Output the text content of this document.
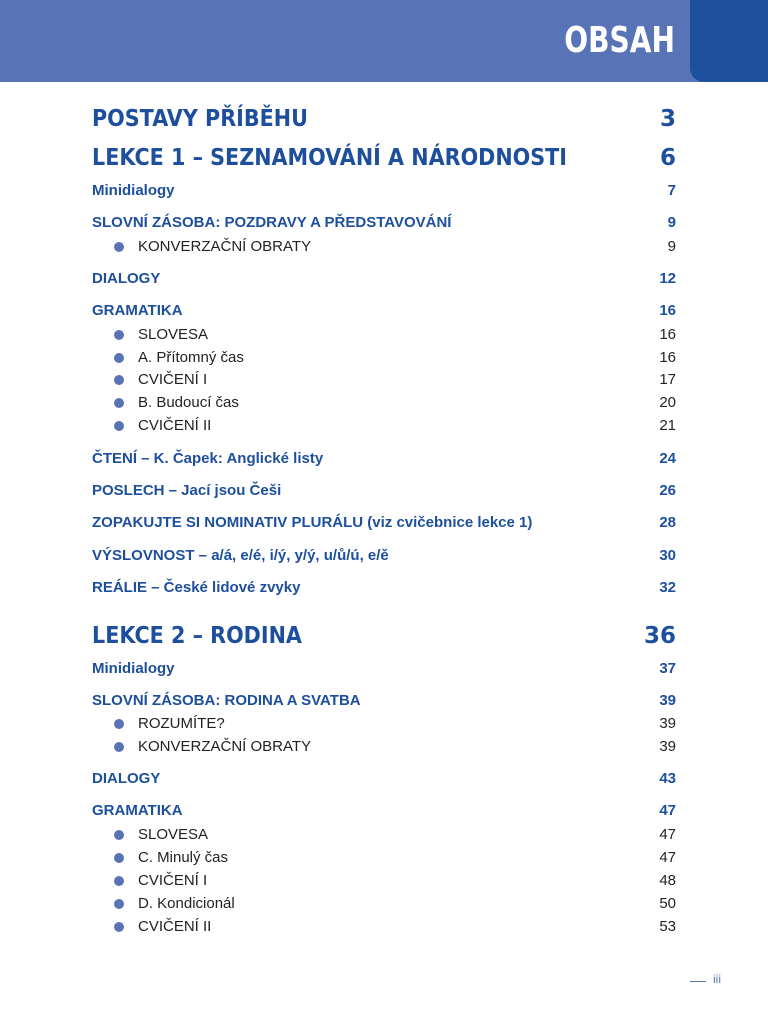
OBSAH
POSTAVY PŘÍBĚHU	3
LEKCE 1 – SEZNAMOVÁNÍ A NÁRODNOSTI	6
Minidialogy	7
SLOVNÍ ZÁSOBA: POZDRAVY A PŘEDSTAVOVÁNÍ	9
KONVERZAČNÍ OBRATY	9
DIALOGY	12
GRAMATIKA	16
SLOVESA	16
A. Přítomný čas	16
CVIČENÍ I	17
B. Budoucí čas	20
CVIČENÍ II	21
ČTENÍ – K. Čapek: Anglické listy	24
POSLECH – Jací jsou Češi	26
ZOPAKUJTE SI NOMINATIV PLURÁLU (viz cvičebnice lekce 1)	28
VÝSLOVNOST – a/á, e/é, i/ý, y/ý, u/ů/ú, e/ě	30
REÁLIE – České lidové zvyky	32
LEKCE 2 – RODINA	36
Minidialogy	37
SLOVNÍ ZÁSOBA: RODINA A SVATBA	39
ROZUMÍTE?	39
KONVERZAČNÍ OBRATY	39
DIALOGY	43
GRAMATIKA	47
SLOVESA	47
C. Minulý čas	47
CVIČENÍ I	48
D. Kondicionál	50
CVIČENÍ II	53
iii
